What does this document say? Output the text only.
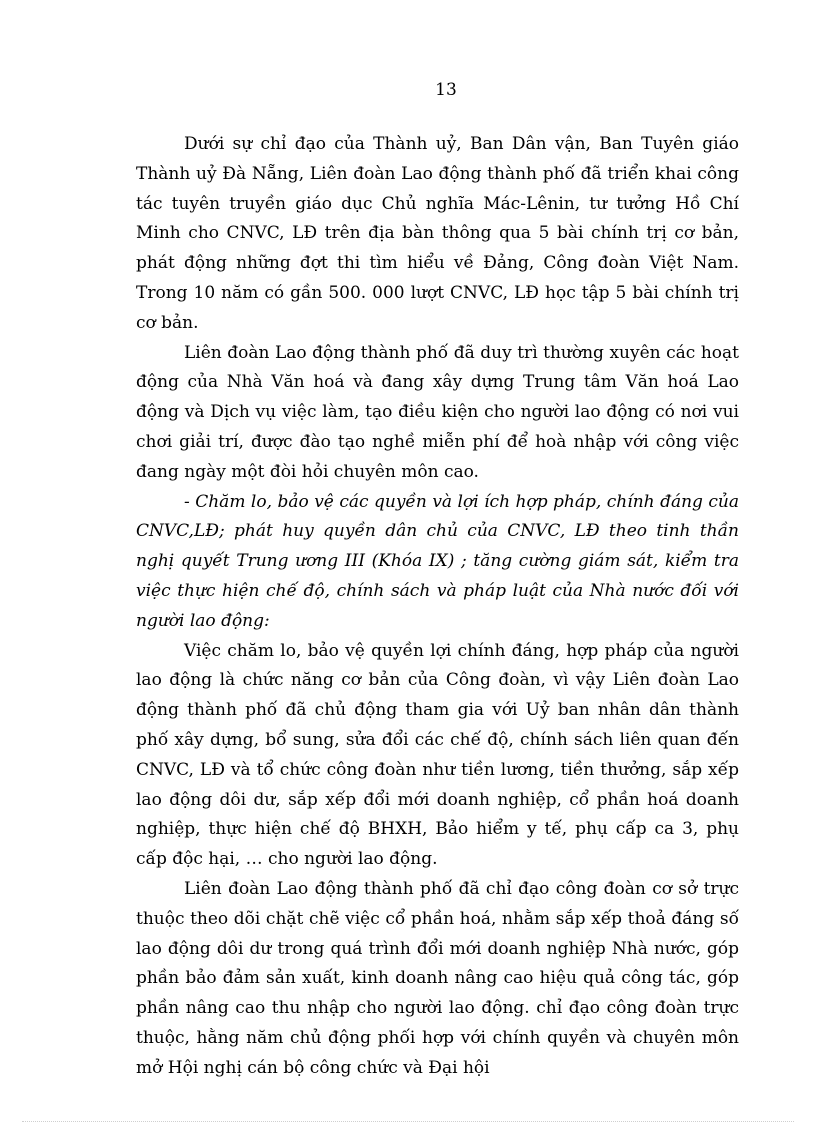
13

Dưới sự chỉ đạo của Thành uỷ, Ban Dân vận, Ban Tuyên giáo Thành uỷ Đà Nẵng, Liên đoàn Lao động thành phố đã triển khai công tác tuyên truyền giáo dục Chủ nghĩa Mác-Lênin, tư tưởng Hồ Chí Minh cho CNVC, LĐ trên địa bàn thông qua 5 bài chính trị cơ bản, phát động những đợt thi tìm hiểu về Đảng, Công đoàn Việt Nam. Trong 10 năm có gần 500. 000 lượt CNVC, LĐ học tập 5 bài chính trị cơ bản.

Liên đoàn Lao động thành phố đã duy trì thường xuyên các hoạt động của Nhà Văn hoá và đang xây dựng Trung tâm Văn hoá Lao động và Dịch vụ việc làm, tạo điều kiện cho người lao động có nơi vui chơi giải trí, được đào tạo nghề miễn phí để hoà nhập với công việc đang ngày một đòi hỏi chuyên môn cao.

- Chăm lo, bảo vệ các quyền và lợi ích hợp pháp, chính đáng của CNVC,LĐ; phát huy quyền dân chủ của CNVC, LĐ theo tinh thần nghị quyết Trung ương III (Khóa IX) ; tăng cường giám sát, kiểm tra việc thực hiện chế độ, chính sách và pháp luật của Nhà nước đối với người lao động:

Việc chăm lo, bảo vệ quyền lợi chính đáng, hợp pháp của người lao động là chức năng cơ bản của Công đoàn, vì vậy Liên đoàn Lao động thành phố đã chủ động tham gia với Uỷ ban nhân dân thành phố xây dựng, bổ sung, sửa đổi các chế độ, chính sách liên quan đến CNVC, LĐ và tổ chức công đoàn như tiền lương, tiền thưởng, sắp xếp lao động dôi dư, sắp xếp đổi mới doanh nghiệp, cổ phần hoá doanh nghiệp, thực hiện chế độ BHXH, Bảo hiểm y tế, phụ cấp ca 3, phụ cấp độc hại, … cho người lao động.

Liên đoàn Lao động thành phố đã chỉ đạo công đoàn cơ sở trực thuộc theo dõi chặt chẽ việc cổ phần hoá, nhằm sắp xếp thoả đáng số lao động dôi dư trong quá trình đổi mới doanh nghiệp Nhà nước, góp phần bảo đảm sản xuất, kinh doanh nâng cao hiệu quả công tác, góp phần nâng cao thu nhập cho người lao động. chỉ đạo công đoàn trực thuộc, hằng năm chủ động phối hợp với chính quyền và chuyên môn mở Hội nghị cán bộ công chức và Đại hội
